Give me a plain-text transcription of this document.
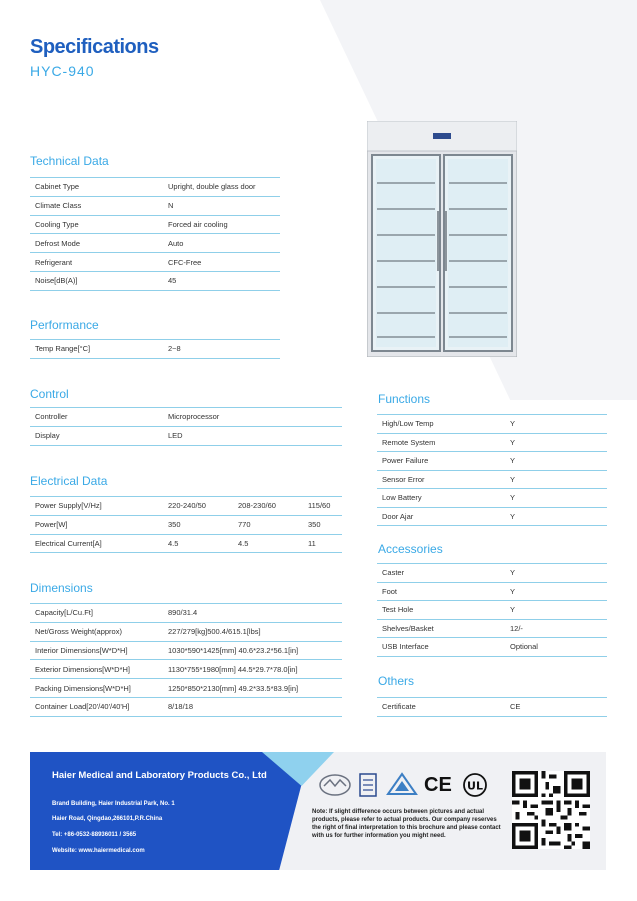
Specifications
HYC-940
Technical Data
Cabinet Type	Upright, double glass door
Climate Class	N
Cooling Type	Forced air cooling
Defrost Mode	Auto
Refrigerant	CFC-Free
Noise[dB(A)]	45
Performance
Temp Range[°C]	2~8
Control
Controller	Microprocessor
Display	LED
Electrical Data
Power Supply[V/Hz]	220-240/50	208-230/60	115/60
Power[W]	350	770	350
Electrical Current[A]	4.5	4.5	11
Dimensions
Capacity[L/Cu.Ft]	890/31.4
Net/Gross Weight(approx)	227/279[kg]500.4/615.1[lbs]
Interior Dimensions[W*D*H]	1030*590*1425[mm] 40.6*23.2*56.1[in]
Exterior Dimensions[W*D*H]	1130*755*1980[mm] 44.5*29.7*78.0[in]
Packing Dimensions[W*D*H]	1250*850*2130[mm] 49.2*33.5*83.9[in]
Container Load[20'/40'/40'H]	8/18/18
Functions
High/Low Temp	Y
Remote System	Y
Power Failure	Y
Sensor Error	Y
Low Battery	Y
Door Ajar	Y
Accessories
Caster	Y
Foot	Y
Test Hole	Y
Shelves/Basket	12/-
USB Interface	Optional
Others
Certificate	CE
Haier Medical and Laboratory Products Co., Ltd
Brand Building, Haier Industrial Park, No. 1
Haier Road, Qingdao,266101,P.R.China
Tel: +86-0532-88936011 / 3565
Website: www.haiermedical.com
CE UL
Note: If slight difference occurs between pictures and actual products, please refer to actual products. Our company reserves the right of final interpretation to this brochure and please contact with us for further information you might need.
